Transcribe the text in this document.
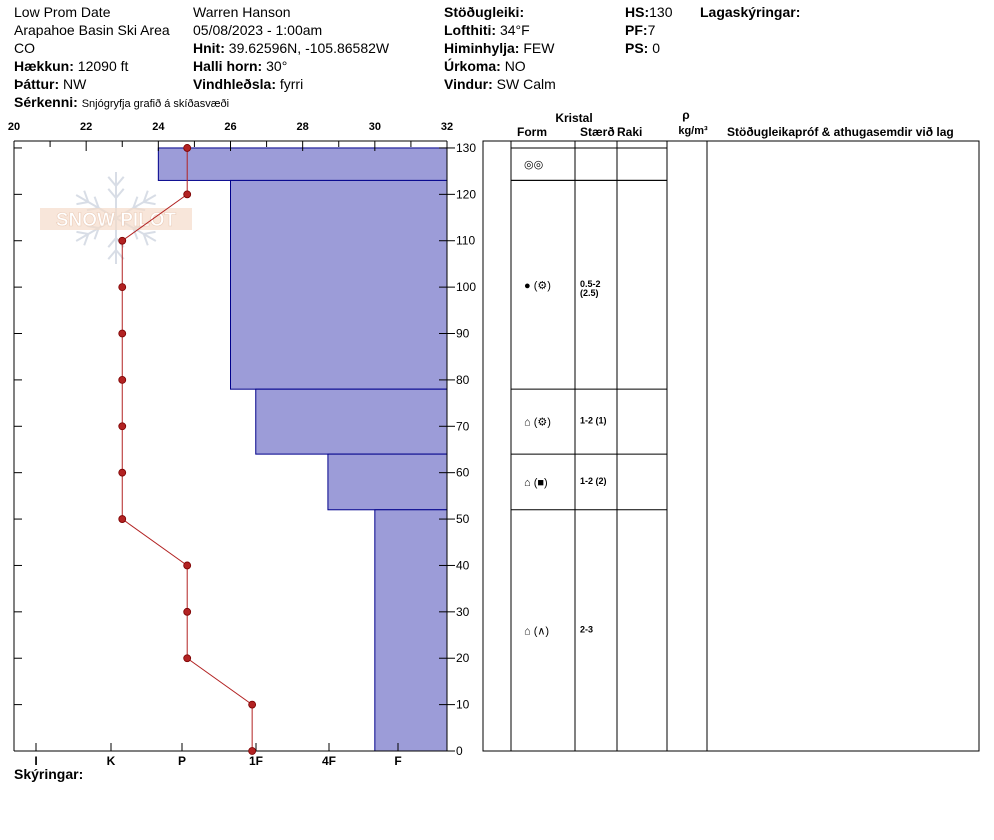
Low Prom Date
Arapahoe Basin Ski Area
CO
Hækkun: 12090 ft
Þáttur: NW
Sérkenni: Snjógryfja grafið á skíðasvæði
Warren Hanson
05/08/2023 - 1:00am
Hnit: 39.62596N, -105.86582W
Halli horn: 30°
Vindhleðsla: fyrri
Stöðugleiki:
Lofthiti: 34°F
Himinhylja: FEW
Úrkoma: NO
Vindur: SW Calm
HS:130
PF:7
PS: 0
Lagaskýringar:
Skýringar:
SNOW PILOT
20	22	24	26	28	30	32
0
10
20
30
40
50
60
70
80
90
100
110
120
130
I	K	P	1F	4F	F
Kristal
Form	Stærð Raki
ρ
kg/m³ Stöðugleikapróf & athugasemdir við lag
◎◎
● (⚙)	0.5-2
(2.5)
⌂ (⚙)	1-2 (1)
⌂ (■)	1-2 (2)
⌂ (∧)	2-3
